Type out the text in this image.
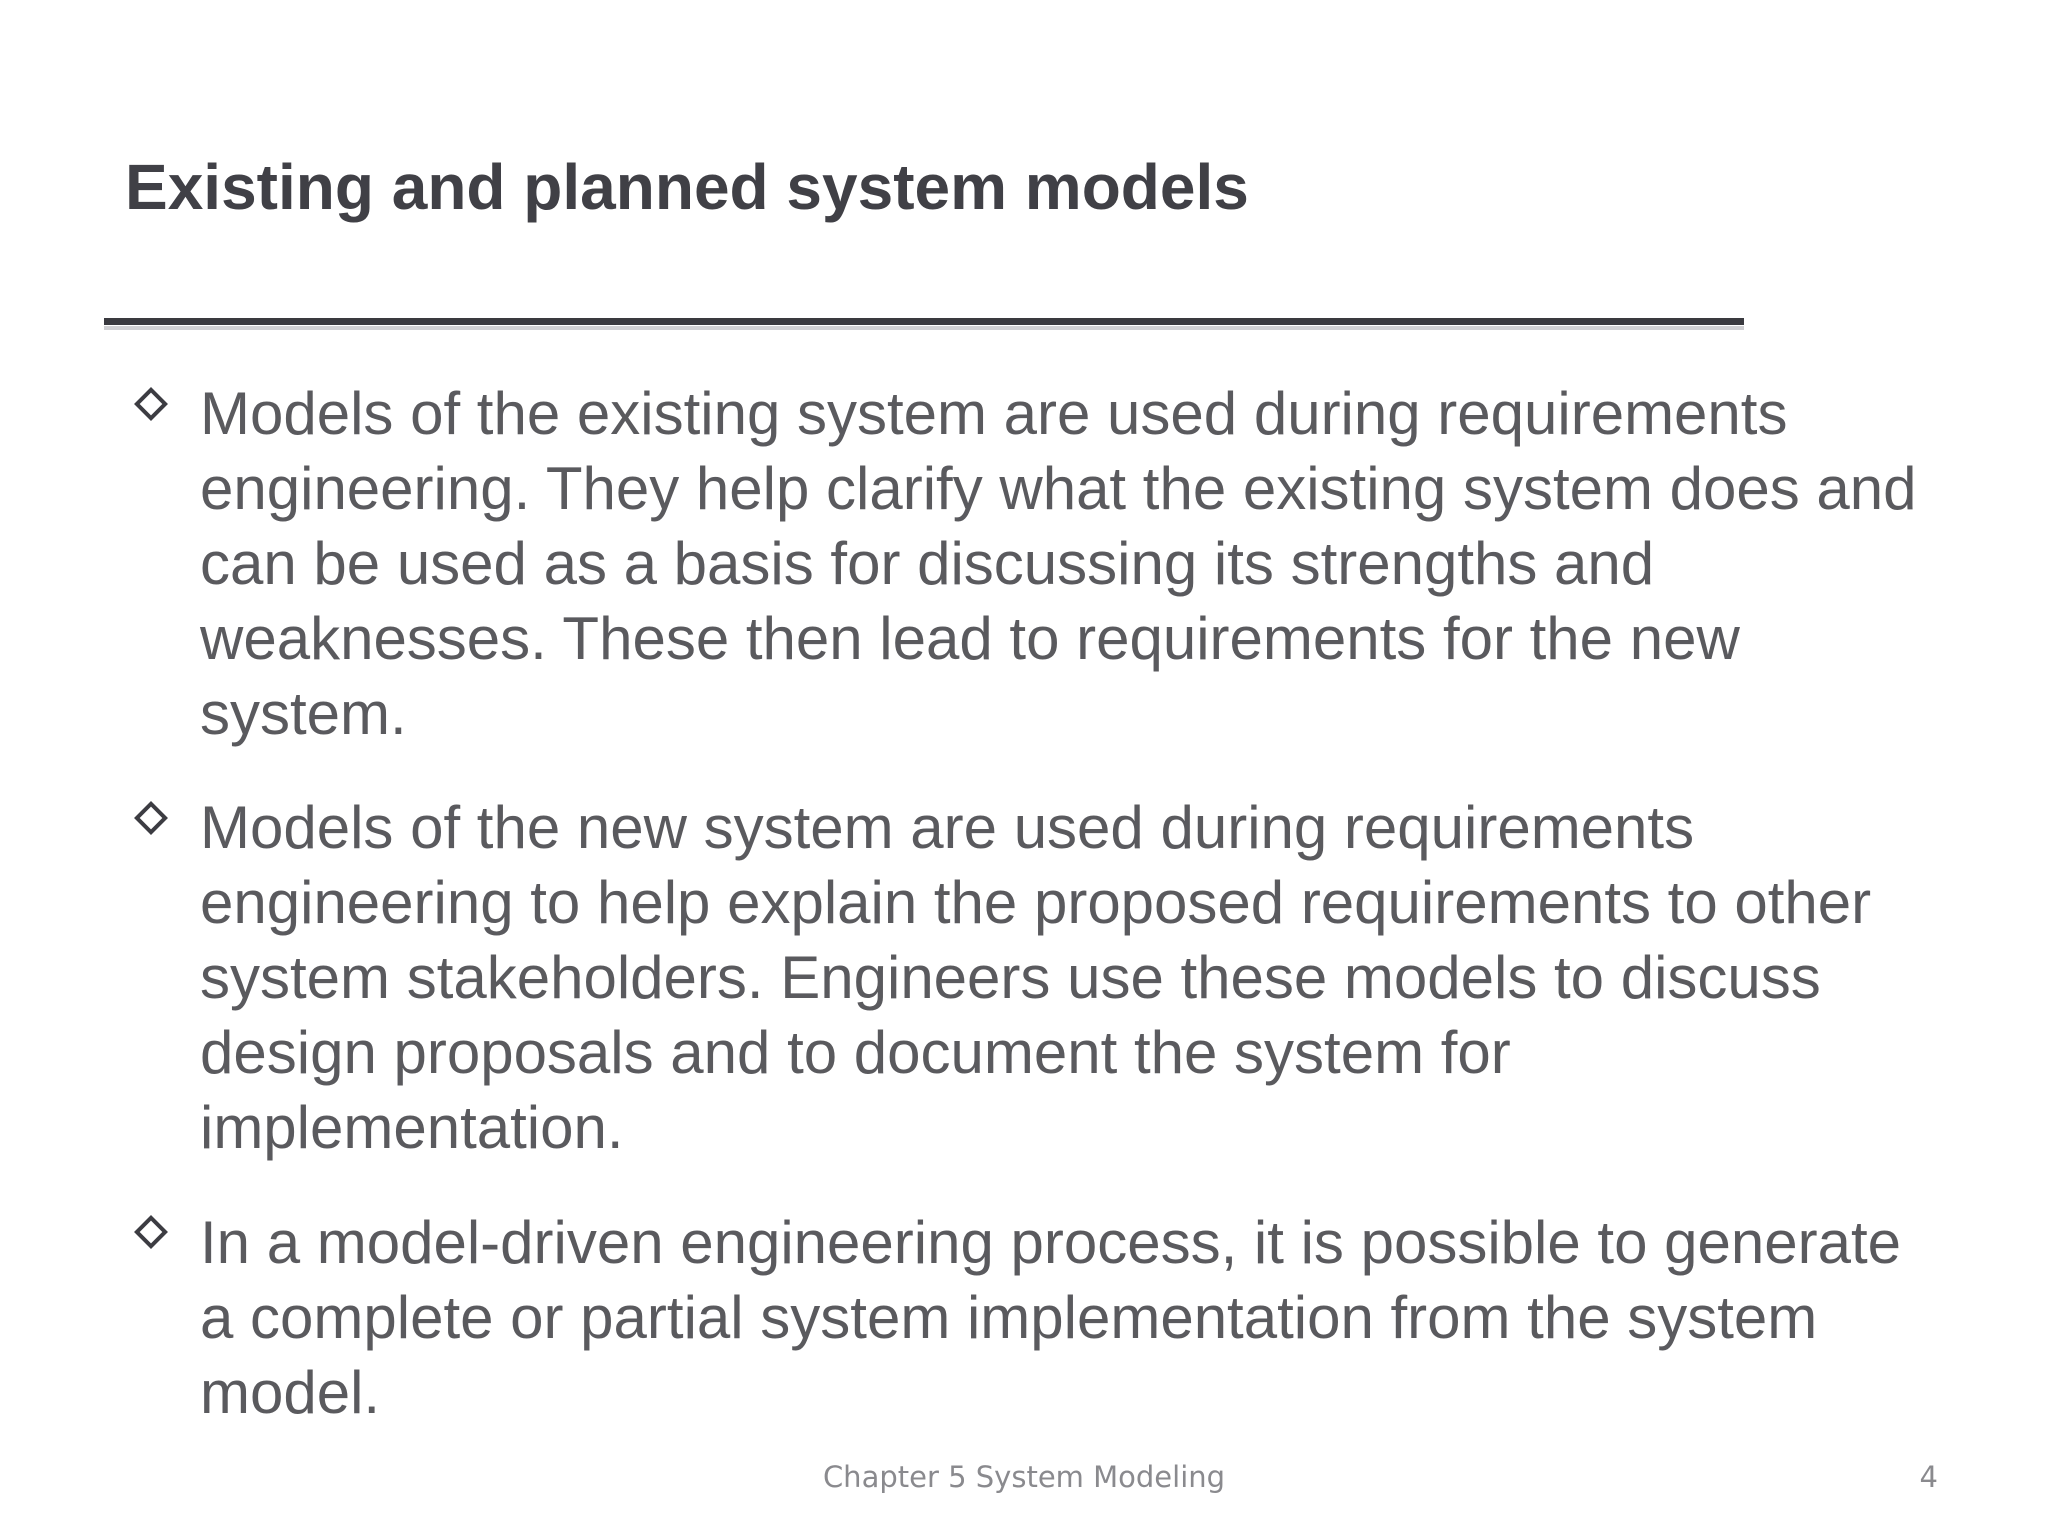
Existing and planned system models
Models of the existing system are used during requirements engineering. They help clarify what the existing system does and can be used as a basis for discussing its strengths and weaknesses. These then lead to requirements for the new system.
Models of the new system are used during requirements engineering to help explain the proposed requirements to other system stakeholders. Engineers use these models to discuss design proposals and to document the system for implementation.
In a model-driven engineering process, it is possible to generate a complete or partial system implementation from the system model.
Chapter 5 System Modeling	4
